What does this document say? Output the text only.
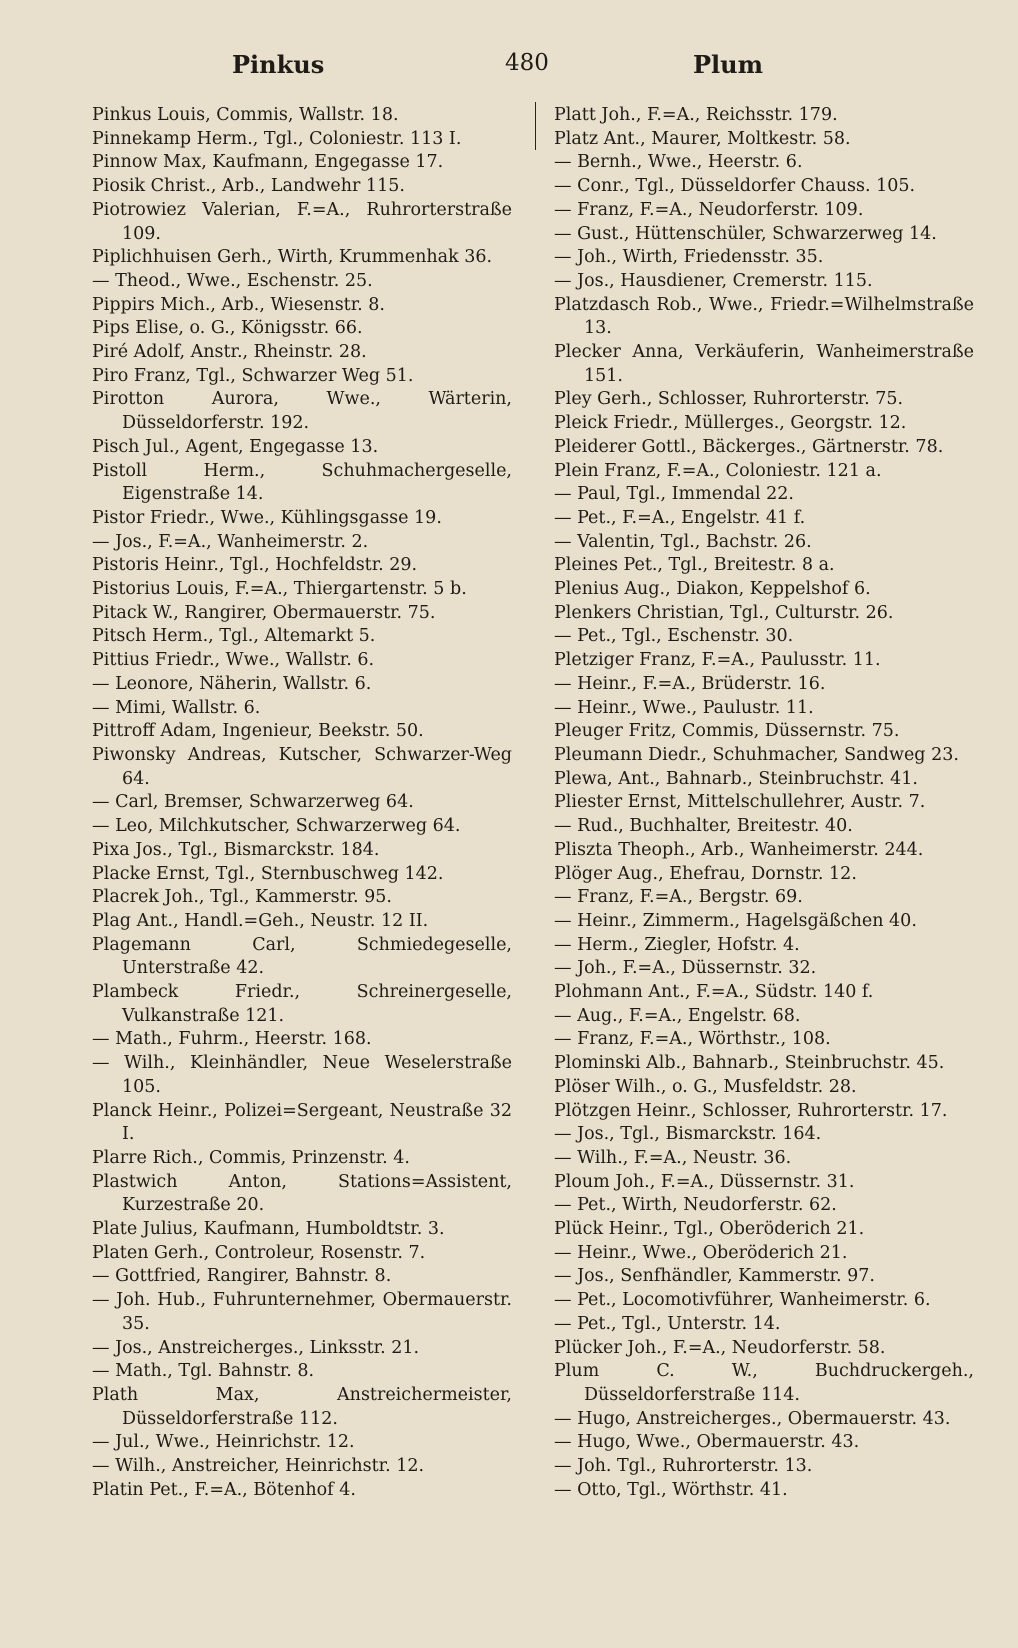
Pinkus	480	Plum
Pinkus Louis, Commis, Wallstr. 18.
Pinnekamp Herm., Tgl., Coloniestr. 113 I.
Pinnow Max, Kaufmann, Engegasse 17.
Piosik Christ., Arb., Landwehr 115.
Piotrowiez Valerian, F.=A., Ruhrorterstraße 109.
Piplichhuisen Gerh., Wirth, Krummenhak 36.
— Theod., Wwe., Eschenstr. 25.
Pippirs Mich., Arb., Wiesenstr. 8.
Pips Elise, o. G., Königsstr. 66.
Piré Adolf, Anstr., Rheinstr. 28.
Piro Franz, Tgl., Schwarzer Weg 51.
Pirotton Aurora, Wwe., Wärterin, Düsseldorferstr. 192.
Pisch Jul., Agent, Engegasse 13.
Pistoll Herm., Schuhmachergeselle, Eigenstraße 14.
Pistor Friedr., Wwe., Kühlingsgasse 19.
— Jos., F.=A., Wanheimerstr. 2.
Pistoris Heinr., Tgl., Hochfeldstr. 29.
Pistorius Louis, F.=A., Thiergartenstr. 5 b.
Pitack W., Rangirer, Obermauerstr. 75.
Pitsch Herm., Tgl., Altemarkt 5.
Pittius Friedr., Wwe., Wallstr. 6.
— Leonore, Näherin, Wallstr. 6.
— Mimi, Wallstr. 6.
Pittroff Adam, Ingenieur, Beekstr. 50.
Piwonsky Andreas, Kutscher, Schwarzer-Weg 64.
— Carl, Bremser, Schwarzerweg 64.
— Leo, Milchkutscher, Schwarzerweg 64.
Pixa Jos., Tgl., Bismarckstr. 184.
Placke Ernst, Tgl., Sternbuschweg 142.
Placrek Joh., Tgl., Kammerstr. 95.
Plag Ant., Handl.=Geh., Neustr. 12 II.
Plagemann Carl, Schmiedegeselle, Unterstraße 42.
Plambeck Friedr., Schreinergeselle, Vulkanstraße 121.
— Math., Fuhrm., Heerstr. 168.
— Wilh., Kleinhändler, Neue Weselerstraße 105.
Planck Heinr., Polizei=Sergeant, Neustraße 32 I.
Plarre Rich., Commis, Prinzenstr. 4.
Plastwich Anton, Stations=Assistent, Kurzestraße 20.
Plate Julius, Kaufmann, Humboldtstr. 3.
Platen Gerh., Controleur, Rosenstr. 7.
— Gottfried, Rangirer, Bahnstr. 8.
— Joh. Hub., Fuhrunternehmer, Obermauerstr. 35.
— Jos., Anstreicherges., Linksstr. 21.
— Math., Tgl. Bahnstr. 8.
Plath Max, Anstreichermeister, Düsseldorferstraße 112.
— Jul., Wwe., Heinrichstr. 12.
— Wilh., Anstreicher, Heinrichstr. 12.
Platin Pet., F.=A., Bötenhof 4.
Platt Joh., F.=A., Reichsstr. 179.
Platz Ant., Maurer, Moltkestr. 58.
— Bernh., Wwe., Heerstr. 6.
— Conr., Tgl., Düsseldorfer Chauss. 105.
— Franz, F.=A., Neudorferstr. 109.
— Gust., Hüttenschüler, Schwarzerweg 14.
— Joh., Wirth, Friedensstr. 35.
— Jos., Hausdiener, Cremerstr. 115.
Platzdasch Rob., Wwe., Friedr.=Wilhelmstraße 13.
Plecker Anna, Verkäuferin, Wanheimerstraße 151.
Pley Gerh., Schlosser, Ruhrorterstr. 75.
Pleick Friedr., Müllerges., Georgstr. 12.
Pleiderer Gottl., Bäckerges., Gärtnerstr. 78.
Plein Franz, F.=A., Coloniestr. 121 a.
— Paul, Tgl., Immendal 22.
— Pet., F.=A., Engelstr. 41 f.
— Valentin, Tgl., Bachstr. 26.
Pleines Pet., Tgl., Breitestr. 8 a.
Plenius Aug., Diakon, Keppelshof 6.
Plenkers Christian, Tgl., Culturstr. 26.
— Pet., Tgl., Eschenstr. 30.
Pletziger Franz, F.=A., Paulusstr. 11.
— Heinr., F.=A., Brüderstr. 16.
— Heinr., Wwe., Paulustr. 11.
Pleuger Fritz, Commis, Düssernstr. 75.
Pleumann Diedr., Schuhmacher, Sandweg 23.
Plewa, Ant., Bahnarb., Steinbruchstr. 41.
Pliester Ernst, Mittelschullehrer, Austr. 7.
— Rud., Buchhalter, Breitestr. 40.
Pliszta Theoph., Arb., Wanheimerstr. 244.
Plöger Aug., Ehefrau, Dornstr. 12.
— Franz, F.=A., Bergstr. 69.
— Heinr., Zimmerm., Hagelsgäßchen 40.
— Herm., Ziegler, Hofstr. 4.
— Joh., F.=A., Düssernstr. 32.
Plohmann Ant., F.=A., Südstr. 140 f.
— Aug., F.=A., Engelstr. 68.
— Franz, F.=A., Wörthstr., 108.
Plominski Alb., Bahnarb., Steinbruchstr. 45.
Plöser Wilh., o. G., Musfeldstr. 28.
Plötzgen Heinr., Schlosser, Ruhrorterstr. 17.
— Jos., Tgl., Bismarckstr. 164.
— Wilh., F.=A., Neustr. 36.
Ploum Joh., F.=A., Düssernstr. 31.
— Pet., Wirth, Neudorferstr. 62.
Plück Heinr., Tgl., Oberöderich 21.
— Heinr., Wwe., Oberöderich 21.
— Jos., Senfhändler, Kammerstr. 97.
— Pet., Locomotivführer, Wanheimerstr. 6.
— Pet., Tgl., Unterstr. 14.
Plücker Joh., F.=A., Neudorferstr. 58.
Plum C. W., Buchdruckergeh., Düsseldorferstraße 114.
— Hugo, Anstreicherges., Obermauerstr. 43.
— Hugo, Wwe., Obermauerstr. 43.
— Joh. Tgl., Ruhrorterstr. 13.
— Otto, Tgl., Wörthstr. 41.
